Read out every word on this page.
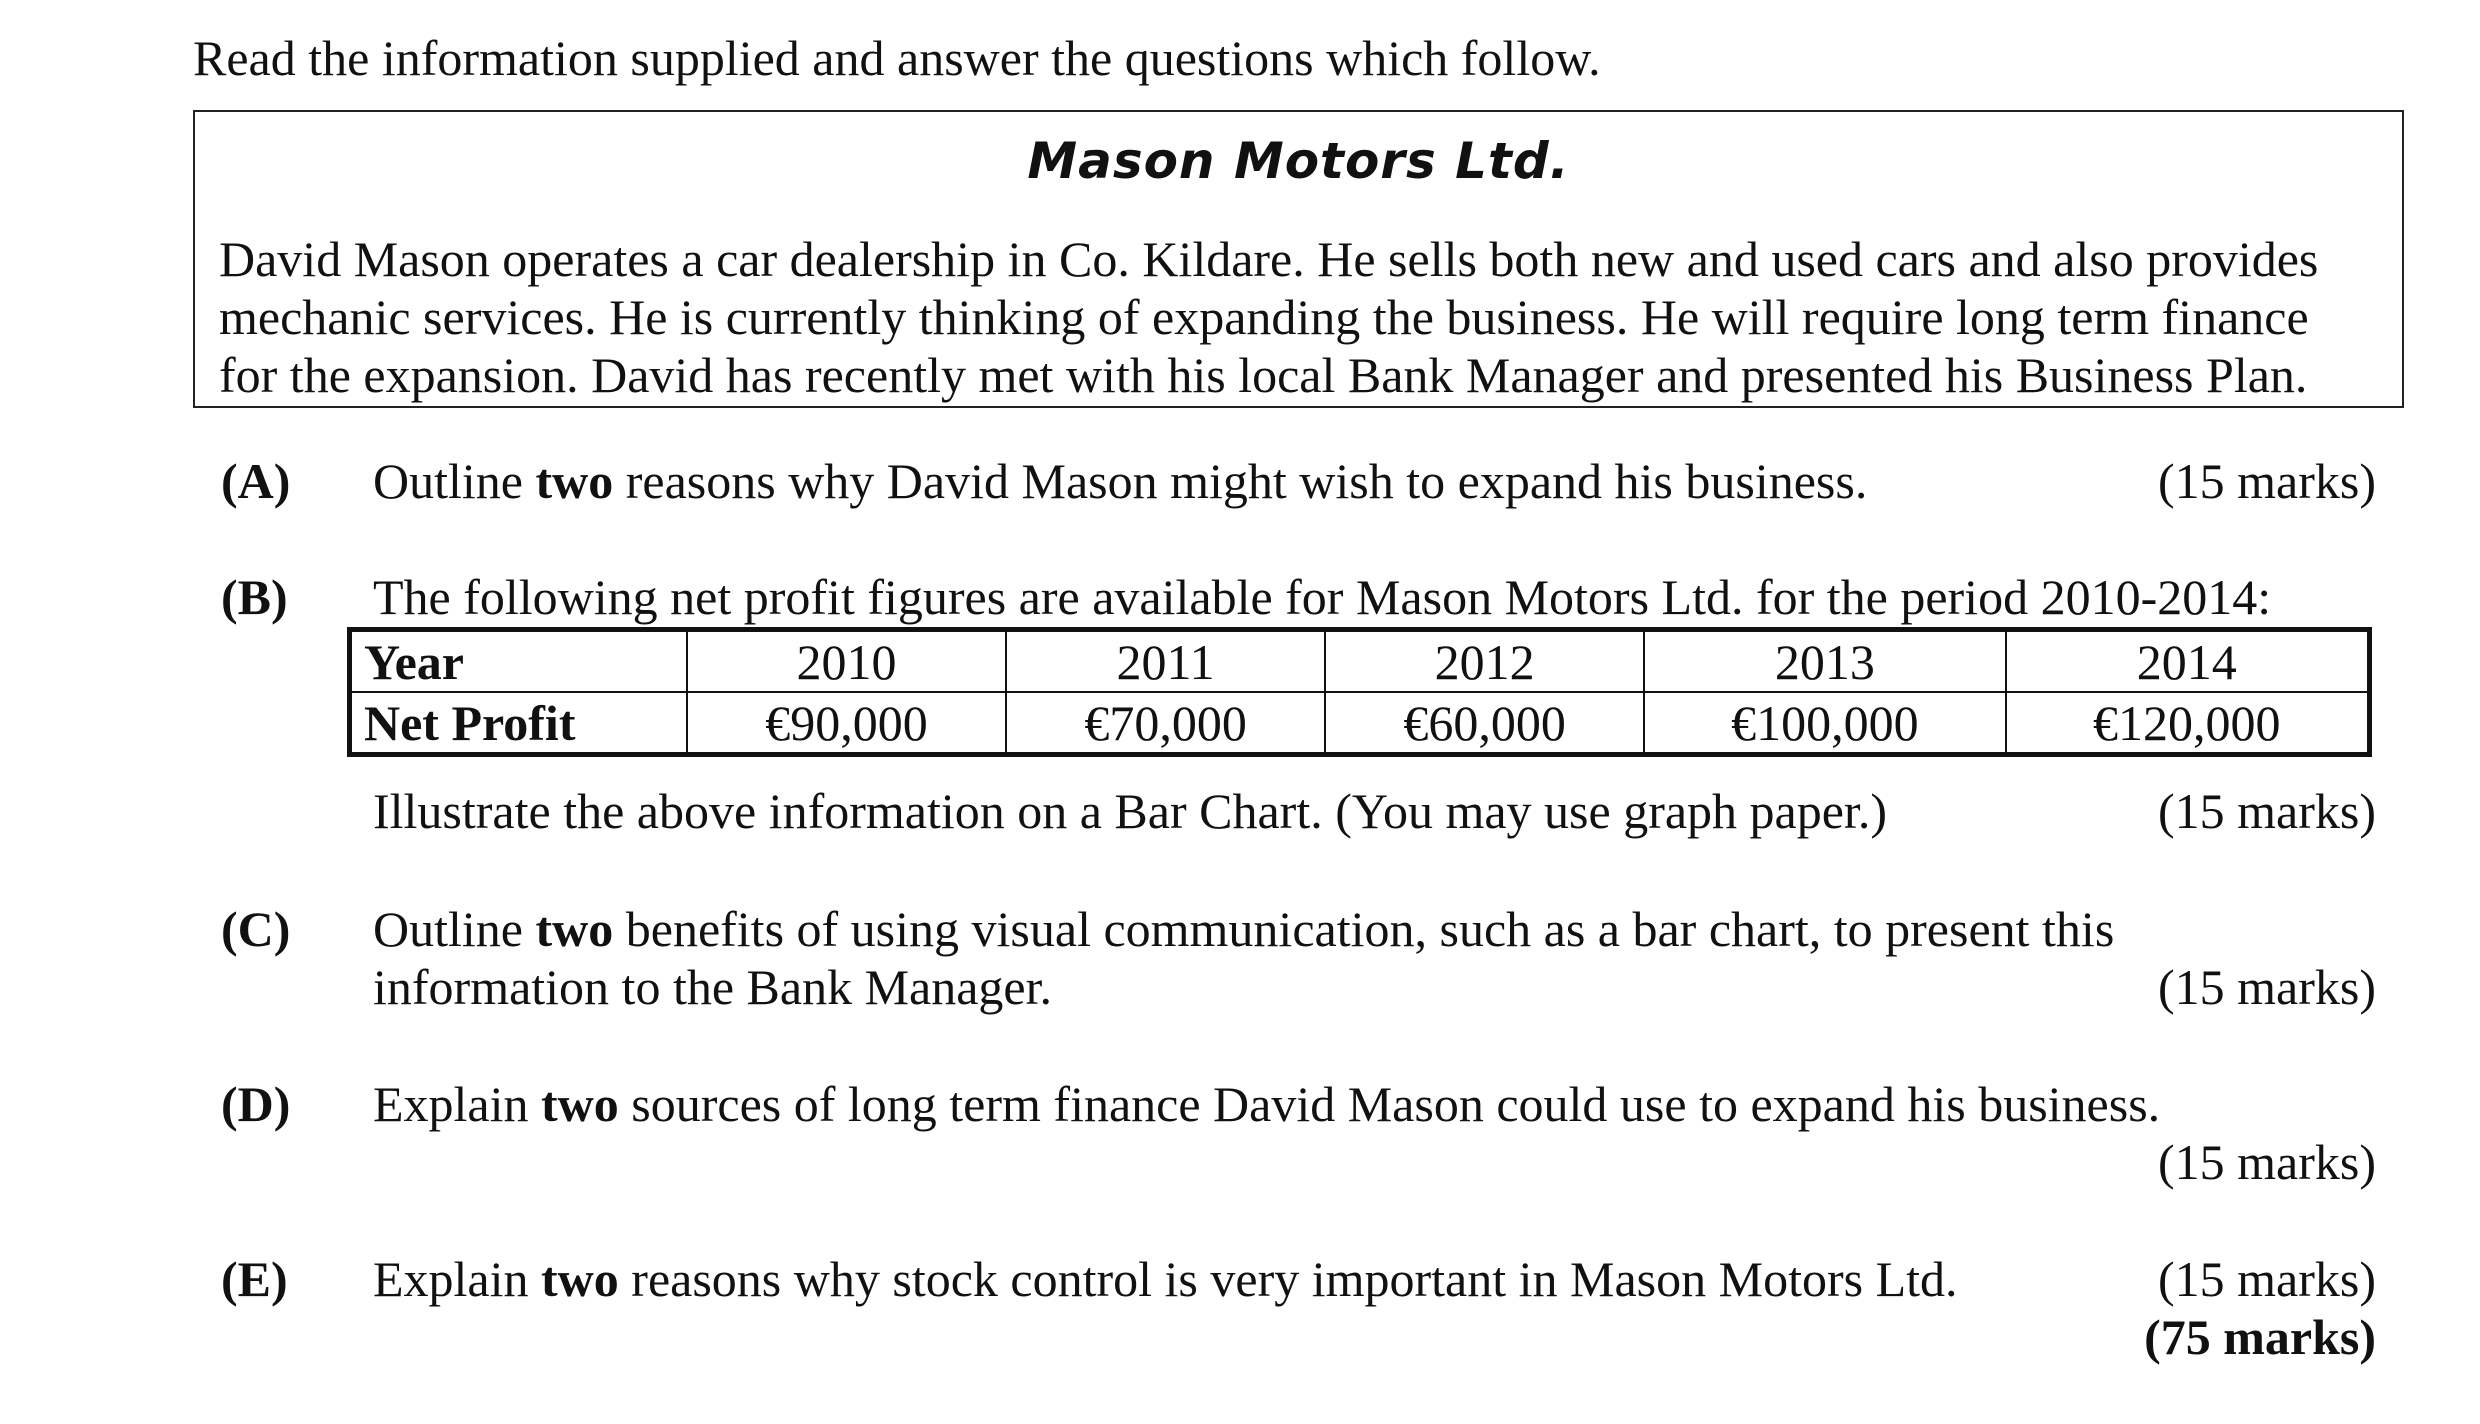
Read the information supplied and answer the questions which follow.
Mason Motors Ltd.
David Mason operates a car dealership in Co. Kildare. He sells both new and used cars and also provides
mechanic services. He is currently thinking of expanding the business. He will require long term finance
for the expansion. David has recently met with his local Bank Manager and presented his Business Plan.
(A) Outline two reasons why David Mason might wish to expand his business.	(15 marks)
(B) The following net profit figures are available for Mason Motors Ltd. for the period 2010-2014:
Year	2010	2011	2012	2013	2014
Net Profit	€90,000	€70,000	€60,000	€100,000	€120,000
Illustrate the above information on a Bar Chart. (You may use graph paper.)	(15 marks)
(C) Outline two benefits of using visual communication, such as a bar chart, to present this
information to the Bank Manager.	(15 marks)
(D) Explain two sources of long term finance David Mason could use to expand his business.
(15 marks)
(E) Explain two reasons why stock control is very important in Mason Motors Ltd.	(15 marks)
(75 marks)
